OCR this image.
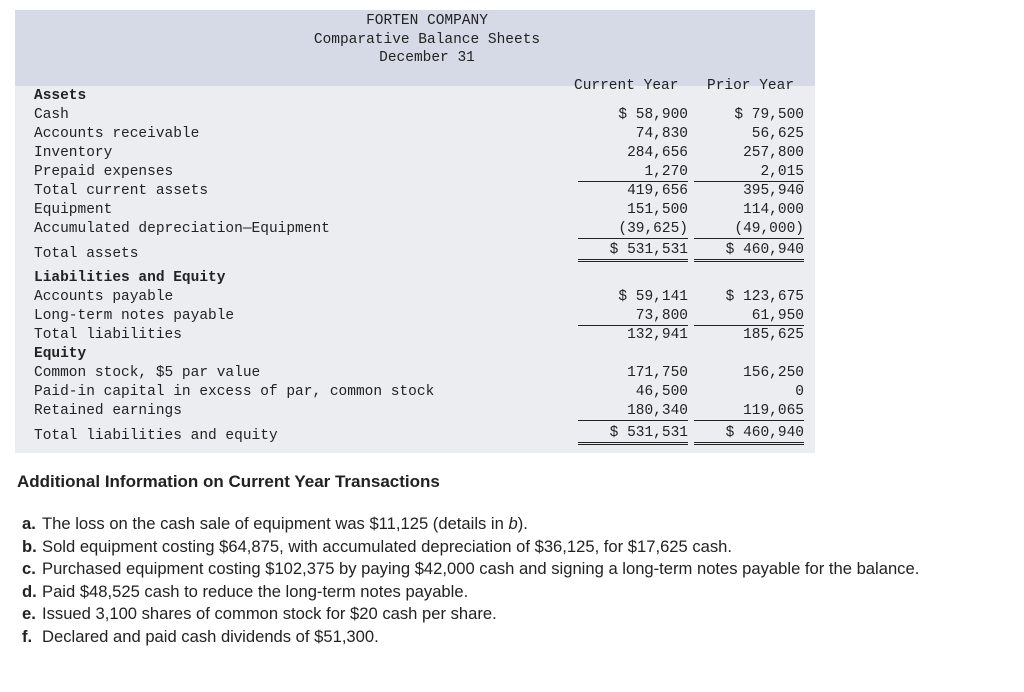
FORTEN COMPANY
Comparative Balance Sheets
December 31
Current Year Prior Year
Assets
Cash	$ 58,900	$ 79,500
Accounts receivable	74,830	56,625
Inventory	284,656	257,800
Prepaid expenses	1,270	2,015
Total current assets	419,656	395,940
Equipment	151,500	114,000
Accumulated depreciation—Equipment	(39,625)	(49,000)
Total assets	$ 531,531	$ 460,940
Liabilities and Equity
Accounts payable	$ 59,141	$ 123,675
Long-term notes payable	73,800	61,950
Total liabilities	132,941	185,625
Equity
Common stock, $5 par value	171,750	156,250
Paid-in capital in excess of par, common stock	46,500	0
Retained earnings	180,340	119,065
Total liabilities and equity	$ 531,531	$ 460,940
Additional Information on Current Year Transactions
a. The loss on the cash sale of equipment was $11,125 (details in b).
b. Sold equipment costing $64,875, with accumulated depreciation of $36,125, for $17,625 cash.
c. Purchased equipment costing $102,375 by paying $42,000 cash and signing a long-term notes payable for the balance.
d. Paid $48,525 cash to reduce the long-term notes payable.
e. Issued 3,100 shares of common stock for $20 cash per share.
f. Declared and paid cash dividends of $51,300.
